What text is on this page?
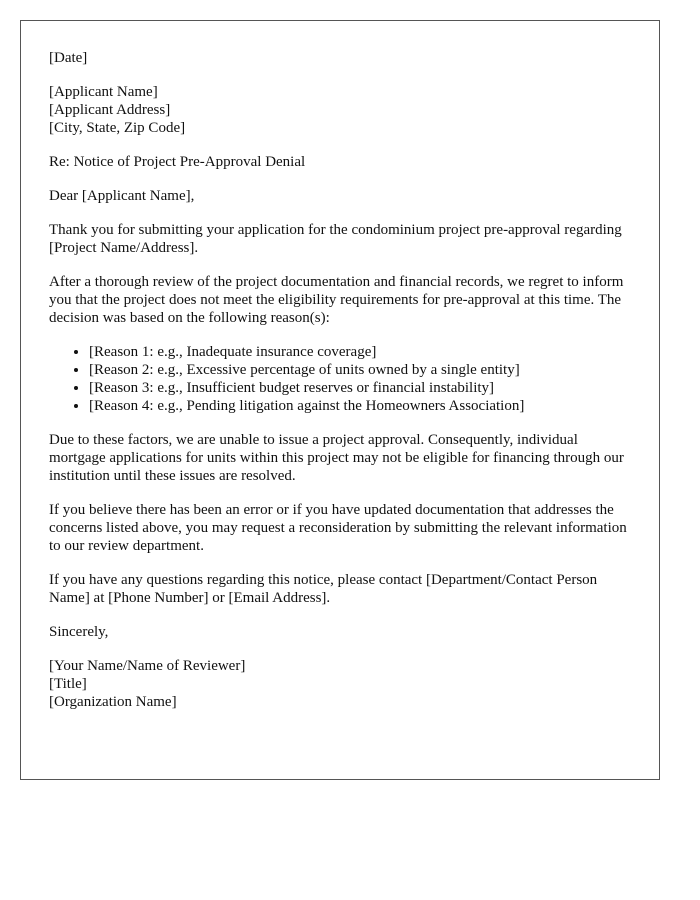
[Date]

[Applicant Name]
[Applicant Address]
[City, State, Zip Code]

Re: Notice of Project Pre-Approval Denial

Dear [Applicant Name],

Thank you for submitting your application for the condominium project pre-approval regarding [Project Name/Address].

After a thorough review of the project documentation and financial records, we regret to inform you that the project does not meet the eligibility requirements for pre-approval at this time. The decision was based on the following reason(s):

• [Reason 1: e.g., Inadequate insurance coverage]
• [Reason 2: e.g., Excessive percentage of units owned by a single entity]
• [Reason 3: e.g., Insufficient budget reserves or financial instability]
• [Reason 4: e.g., Pending litigation against the Homeowners Association]

Due to these factors, we are unable to issue a project approval. Consequently, individual mortgage applications for units within this project may not be eligible for financing through our institution until these issues are resolved.

If you believe there has been an error or if you have updated documentation that addresses the concerns listed above, you may request a reconsideration by submitting the relevant information to our review department.

If you have any questions regarding this notice, please contact [Department/Contact Person Name] at [Phone Number] or [Email Address].

Sincerely,

[Your Name/Name of Reviewer]
[Title]
[Organization Name]
